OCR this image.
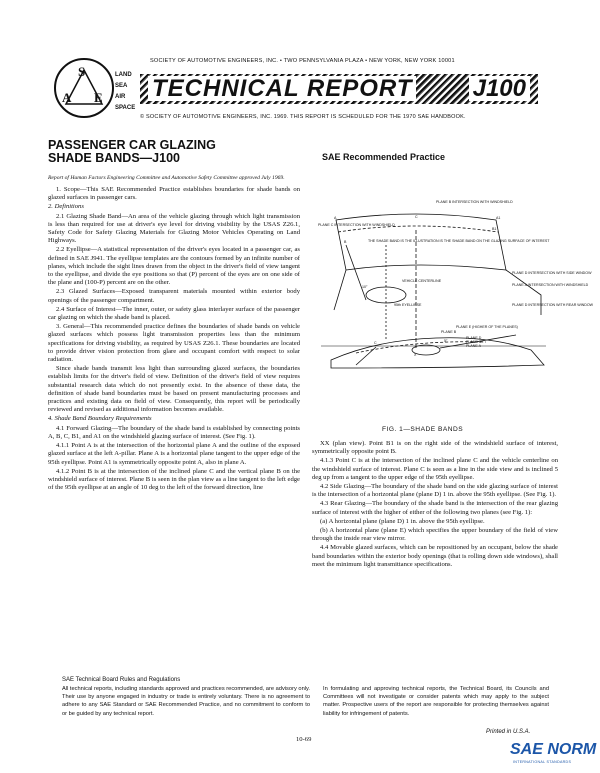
SOCIETY OF AUTOMOTIVE ENGINEERS, INC. • TWO PENNSYLVANIA PLAZA • NEW YORK, NEW YORK 10001
S
A E
LAND
SEA
AIR
SPACE
TECHNICAL REPORT	J100
© SOCIETY OF AUTOMOTIVE ENGINEERS, INC. 1969. THIS REPORT IS SCHEDULED FOR THE 1970 SAE HANDBOOK.
PASSENGER CAR GLAZING
SHADE BANDS—J100	SAE Recommended Practice
Report of Human Factors Engineering Committee and Automotive Safety Committee approved July 1969.

1. Scope—This SAE Recommended Practice establishes boundaries for shade bands on glazed surfaces in passenger cars.

2. Definitions

2.1 Glazing Shade Band—An area of the vehicle glazing through which light transmission is less than required for use at driver's eye level for driving visibility by the USAS Z26.1, Safety Code for Safety Glazing Materials for Glazing Motor Vehicles Operating on Land Highways.

2.2 Eyellipse—A statistical representation of the driver's eyes located in a passenger car, as defined in SAE J941. The eyellipse templates are the contours formed by an infinite number of planes, which include the sight lines drawn from the object in the driver's field of view tangent to the eyellipse, and divide the eye positions so that (P) percent of the eyes are on one side of the plane and (100-P) percent are on the other.

2.3 Glazed Surfaces—Exposed transparent materials mounted within exterior body openings of the passenger compartment.

2.4 Surface of Interest—The inner, outer, or safety glass interlayer surface of the passenger car glazing on which the shade band is placed.

3. General—This recommended practice defines the boundaries of shade bands on vehicle glazed surfaces which possess light transmission properties less than the minimum specifications for driving visibility, as required by USAS Z26.1. These boundaries are located to provide driver vision protection from glare and occupant comfort with respect to solar radiation.

Since shade bands transmit less light than surrounding glazed surfaces, the boundaries establish limits for the driver's field of view. Definition of the driver's field of view requires substantial research data which do not presently exist. In the absence of these data, the definition of shade band boundaries must be based on present manufacturing processes and practices and existing data on field of view. Consequently, this report will be periodically reviewed and revised as additional information becomes available.

4. Shade Band Boundary Requirements

4.1 Forward Glazing—The boundary of the shade band is established by connecting points A, B, C, B1, and A1 on the windshield glazing surface of interest. (See Fig. 1).

4.1.1 Point A is at the intersection of the horizontal plane A and the outline of the exposed glazed surface at the left A-pillar. Plane A is a horizontal plane tangent to the upper edge of the 95th eyellipse. Point A1 is symmetrically opposite point A, also in plane A.

4.1.2 Point B is at the intersection of the inclined plane C and the vertical plane B on the windshield surface of interest. Plane B is seen in the plan view as a line tangent to the left edge of the 95th eyellipse at an angle of 10 deg to the left of the forward direction, line

PLANE B INTERSECTION WITH WINDSHIELD
PLANE C INTERSECTION WITH WINDSHIELD
THE SHADE BAND IS THE ILLUSTRATION IS THE SHADE BAND ON THE GLAZING SURFACE OF INTEREST
PLANE A INTERSECTION WITH WINDSHIELD
PLANE D INTERSECTION WITH SIDE WINDOW
VEHICLE CENTERLINE
95th EYELLIPSE
PLANE E (HIGHER OF THE PLANES)
PLANE B
PLANE D INTERSECTION WITH REAR WINDOW
PLANE D
PLANE C
PLANE A
A
B
C
B1
A1
X
C	5°
10°
FIG. 1—SHADE BANDS

XX (plan view). Point B1 is on the right side of the windshield surface of interest, symmetrically opposite point B.

4.1.3 Point C is at the intersection of the inclined plane C and the vehicle centerline on the windshield surface of interest. Plane C is seen as a line in the side view and is inclined 5 deg up from a tangent to the upper edge of the 95th eyellipse.

4.2 Side Glazing—The boundary of the shade band on the side glazing surface of interest is the intersection of a horizontal plane (plane D) 1 in. above the 95th eyellipse. (See Fig. 1).

4.3 Rear Glazing—The boundary of the shade band is the intersection of the rear glazing surface of interest with the higher of either of the following two planes (see Fig. 1):

(a) A horizontal plane (plane D) 1 in. above the 95th eyellipse.

(b) A horizontal plane (plane E) which specifies the upper boundary of the field of view through the inside rear view mirror.

4.4 Movable glazed surfaces, which can be repositioned by an occupant, below the shade band boundaries within the exterior body openings (that is rolling down side windows), shall meet the minimum light transmittance specifications.

SAE Technical Board Rules and Regulations
All technical reports, including standards approved and practices recommended, are advisory only. Their use by anyone engaged in industry or trade is entirely voluntary. There is no agreement to adhere to any SAE Standard or SAE Recommended Practice, and no commitment to conform to or be guided by any technical report.
In formulating and approving technical reports, the Technical Board, its Councils and Committees will not investigate or consider patents which may apply to the subject matter. Prospective users of the report are responsible for protecting themselves against liability for infringement of patents.
Printed in U.S.A.
10-69
SAE NORM
INTERNATIONAL STANDARDS
